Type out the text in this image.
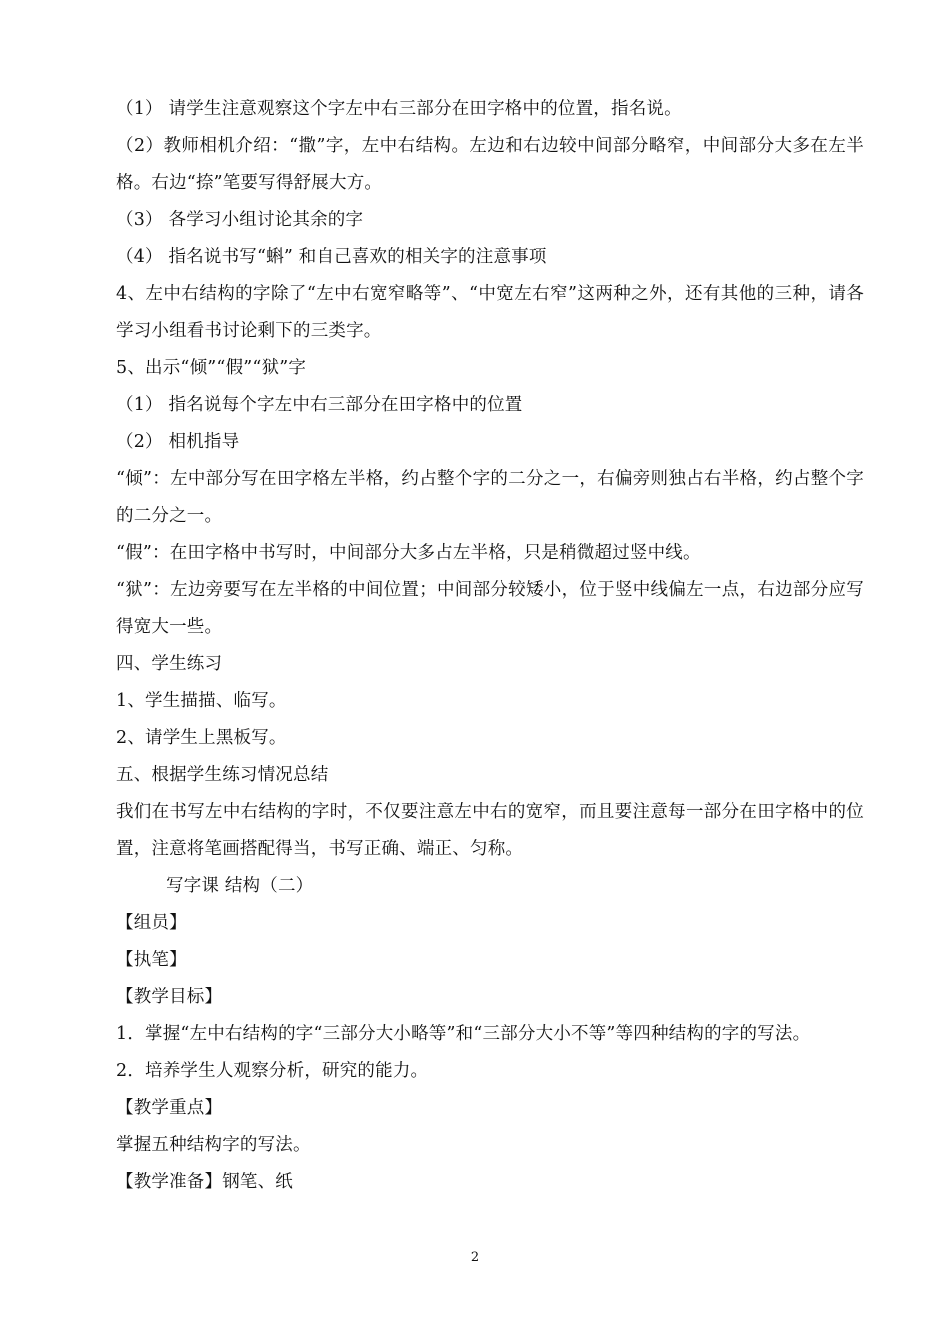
（1） 请学生注意观察这个字左中右三部分在田字格中的位置，指名说。

（2）教师相机介绍：“撒”字，左中右结构。左边和右边较中间部分略窄，中间部分大多在左半格。右边“捺”笔要写得舒展大方。

（3） 各学习小组讨论其余的字

（4） 指名说书写“蝌” 和自己喜欢的相关字的注意事项

4、左中右结构的字除了“左中右宽窄略等”、“中宽左右窄”这两种之外，还有其他的三种，请各学习小组看书讨论剩下的三类字。

5、出示“倾”“假”“狱”字

（1） 指名说每个字左中右三部分在田字格中的位置

（2） 相机指导

“倾”：左中部分写在田字格左半格，约占整个字的二分之一，右偏旁则独占右半格，约占整个字的二分之一。

“假”：在田字格中书写时，中间部分大多占左半格，只是稍微超过竖中线。

“狱”：左边旁要写在左半格的中间位置；中间部分较矮小，位于竖中线偏左一点，右边部分应写得宽大一些。

四、学生练习

1、学生描描、临写。

2、请学生上黑板写。

五、根据学生练习情况总结

我们在书写左中右结构的字时，不仅要注意左中右的宽窄，而且要注意每一部分在田字格中的位置，注意将笔画搭配得当，书写正确、端正、匀称。

写字课 结构（二）

【组员】

【执笔】

【教学目标】

1．掌握“左中右结构的字“三部分大小略等”和“三部分大小不等”等四种结构的字的写法。

2．培养学生人观察分析，研究的能力。

【教学重点】

掌握五种结构字的写法。

【教学准备】钢笔、纸

2
